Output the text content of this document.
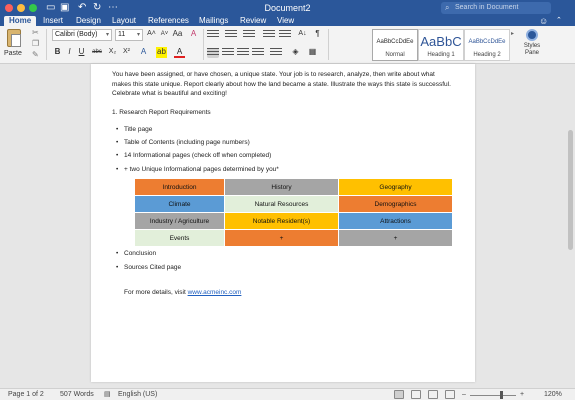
▭ ▣ ↶ ↻ ⋯	Document2	⌕ Search in Document
Home	Insert Design Layout References Mailings Review View	☺ ⌃
Paste
✂
❐
✎
Calibri (Body) ▾	11 ▾ A˄ A˅ Aa	A
B I	U	abc X₂ X²	A	ab	A
A↓	¶
◈	▦
AaBbCcDdEe
Normal
AaBbC
Heading 1
AaBbCcDdEe
Heading 2
▸
Styles Pane
You have been assigned, or have chosen, a unique state. Your job is to research, analyze, then write about what makes this state unique. Report clearly about how the land became a state. Illustrate the ways this state is successful. Celebrate what is beautiful and exciting!
1. Research Report Requirements
• Title page
• Table of Contents (including page numbers)
• 14 Informational pages (check off when completed)
• + two Unique Informational pages determined by you*
Introduction	History	Geography
Climate	Natural Resources	Demographics
Industry / Agriculture	Notable Resident(s)	Attractions
Events	+	+
• Conclusion
• Sources Cited page
For more details, visit www.acmeinc.com
Page 1 of 2 507 Words ▤ English (US)	–	+	120%
